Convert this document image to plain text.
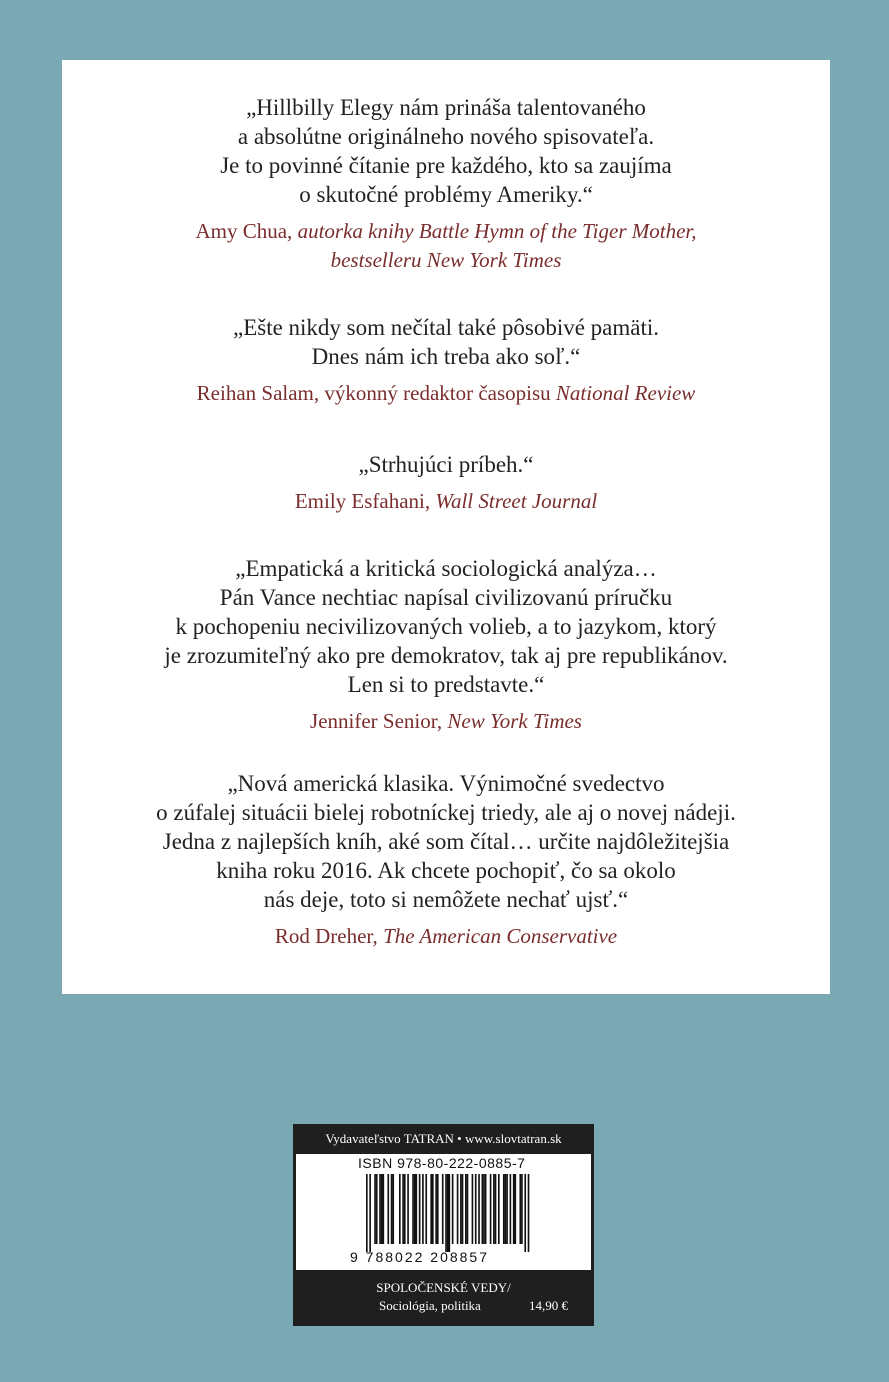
„Hillbilly Elegy nám prináša talentovaného
a absolútne originálneho nového spisovateľa.
Je to povinné čítanie pre každého, kto sa zaujíma
o skutočné problémy Ameriky.“
Amy Chua, autorka knihy Battle Hymn of the Tiger Mother,
bestselleru New York Times
„Ešte nikdy som nečítal také pôsobivé pamäti.
Dnes nám ich treba ako soľ.“
Reihan Salam, výkonný redaktor časopisu National Review
„Strhujúci príbeh.“
Emily Esfahani, Wall Street Journal
„Empatická a kritická sociologická analýza…
Pán Vance nechtiac napísal civilizovanú príručku
k pochopeniu necivilizovaných volieb, a to jazykom, ktorý
je zrozumiteľný ako pre demokratov, tak aj pre republikánov.
Len si to predstavte.“
Jennifer Senior, New York Times
„Nová americká klasika. Výnimočné svedectvo
o zúfalej situácii bielej robotníckej triedy, ale aj o novej nádeji.
Jedna z najlepších kníh, aké som čítal… určite najdôležitejšia
kniha roku 2016. Ak chcete pochopiť, čo sa okolo
nás deje, toto si nemôžete nechať ujsť.“
Rod Dreher, The American Conservative
Vydavateľstvo TATRAN • www.slovtatran.sk
ISBN 978-80-222-0885-7
9 788022 208857
SPOLOČENSKÉ VEDY/
Sociológia, politika	14,90 €
